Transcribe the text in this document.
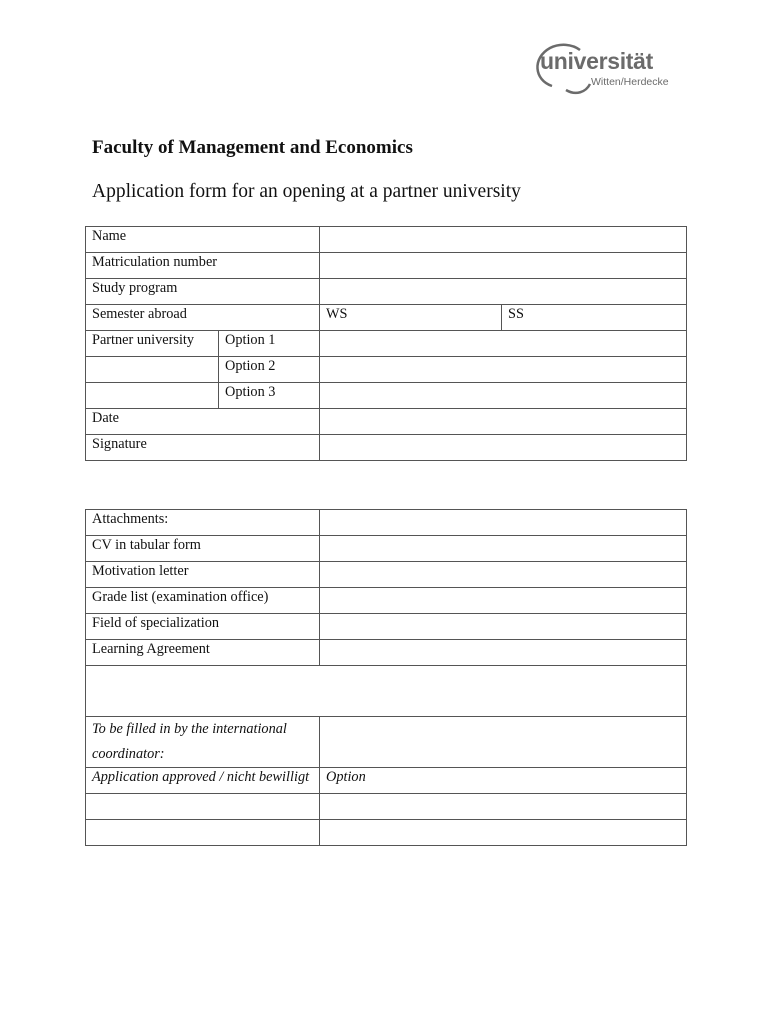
universität
Witten/Herdecke
Faculty of Management and Economics
Application form for an opening at a partner university
Name			
Matriculation number			
Study program			
Semester abroad		WS	SS
Partner university	Option 1		
	Option 2		
	Option 3		
Date			
Signature			
Attachments:	
CV in tabular form	
Motivation letter	
Grade list (examination office)	
Field of specialization	
Learning Agreement	

To be filled in by the international coordinator:	
Application approved / nicht bewilligt	Option
